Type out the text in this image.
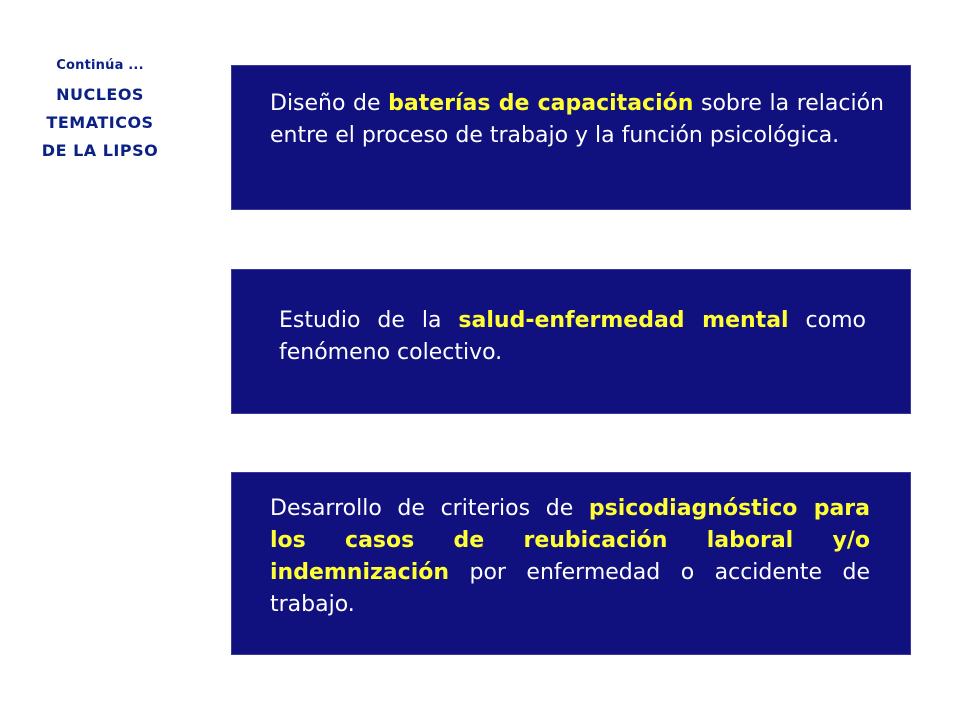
Continúa ...
NUCLEOS
TEMATICOS
DE LA LIPSO

Diseño de baterías de capacitación sobre la relación entre el proceso de trabajo y la función psicológica.

Estudio de la salud-enfermedad mental como fenómeno colectivo.

Desarrollo de criterios de psicodiagnóstico para los casos de reubicación laboral y/o indemnización por enfermedad o accidente de trabajo.
